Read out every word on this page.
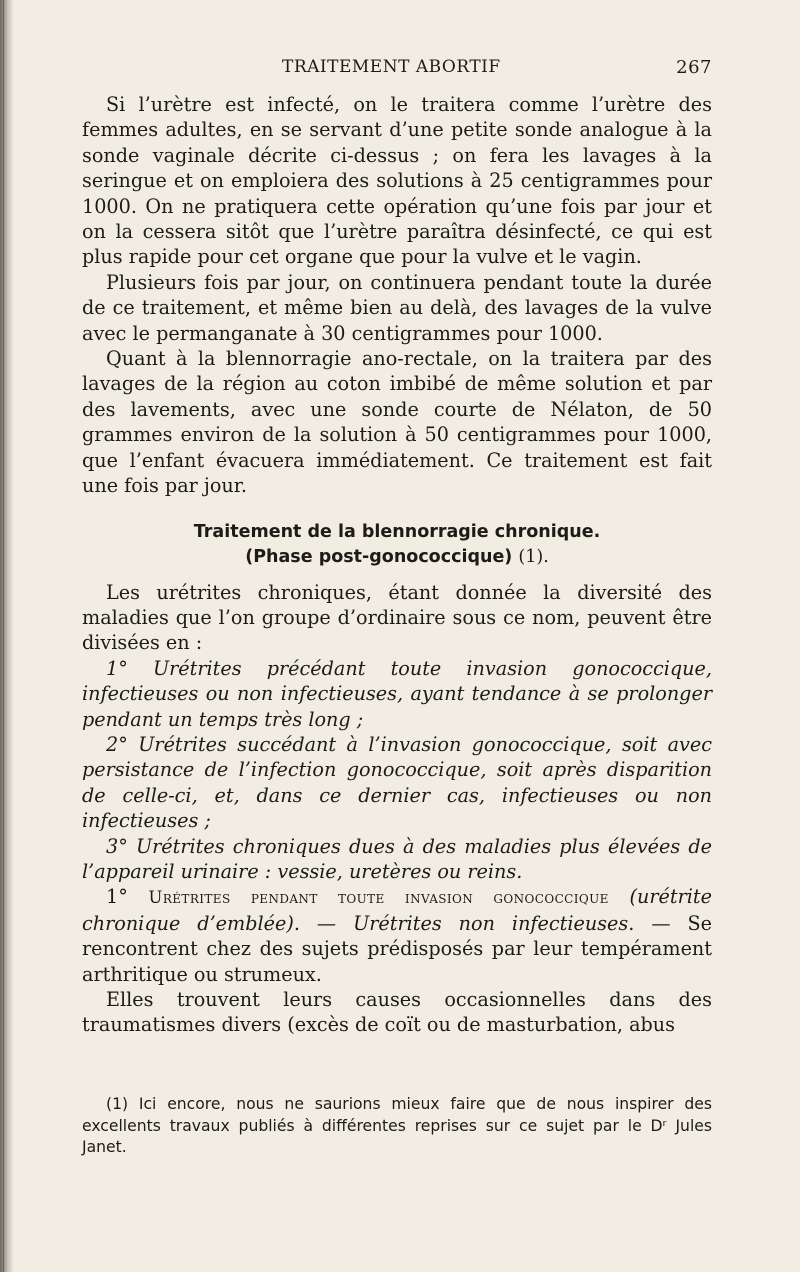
TRAITEMENT ABORTIF	267

Si l’urètre est infecté, on le traitera comme l’urètre des femmes adultes, en se servant d’une petite sonde analogue à la sonde vaginale décrite ci-dessus ; on fera les lavages à la seringue et on emploiera des solutions à 25 centigrammes pour 1000. On ne pratiquera cette opération qu’une fois par jour et on la cessera sitôt que l’urètre paraîtra désinfecté, ce qui est plus rapide pour cet organe que pour la vulve et le vagin.

Plusieurs fois par jour, on continuera pendant toute la durée de ce traitement, et même bien au delà, des lavages de la vulve avec le permanganate à 30 centigrammes pour 1000.

Quant à la blennorragie ano-rectale, on la traitera par des lavages de la région au coton imbibé de même solution et par des lavements, avec une sonde courte de Nélaton, de 50 grammes environ de la solution à 50 centigrammes pour 1000, que l’enfant évacuera immédiatement. Ce traitement est fait une fois par jour.

Traitement de la blennorragie chronique.
(Phase post-gonococcique) (1).

Les urétrites chroniques, étant donnée la diversité des maladies que l’on groupe d’ordinaire sous ce nom, peuvent être divisées en :

1° Urétrites précédant toute invasion gonococcique, infectieuses ou non infectieuses, ayant tendance à se prolonger pendant un temps très long ;

2° Urétrites succédant à l’invasion gonococcique, soit avec persistance de l’infection gonococcique, soit après disparition de celle-ci, et, dans ce dernier cas, infectieuses ou non infectieuses ;

3° Urétrites chroniques dues à des maladies plus élevées de l’appareil urinaire : vessie, uretères ou reins.

1° Urétrites pendant toute invasion gonococcique (urétrite chronique d’emblée). — Urétrites non infectieuses. — Se rencontrent chez des sujets prédisposés par leur tempérament arthritique ou strumeux.

Elles trouvent leurs causes occasionnelles dans des traumatismes divers (excès de coït ou de masturbation, abus

(1) Ici encore, nous ne saurions mieux faire que de nous inspirer des excellents travaux publiés à différentes reprises sur ce sujet par le Dʳ Jules Janet.
